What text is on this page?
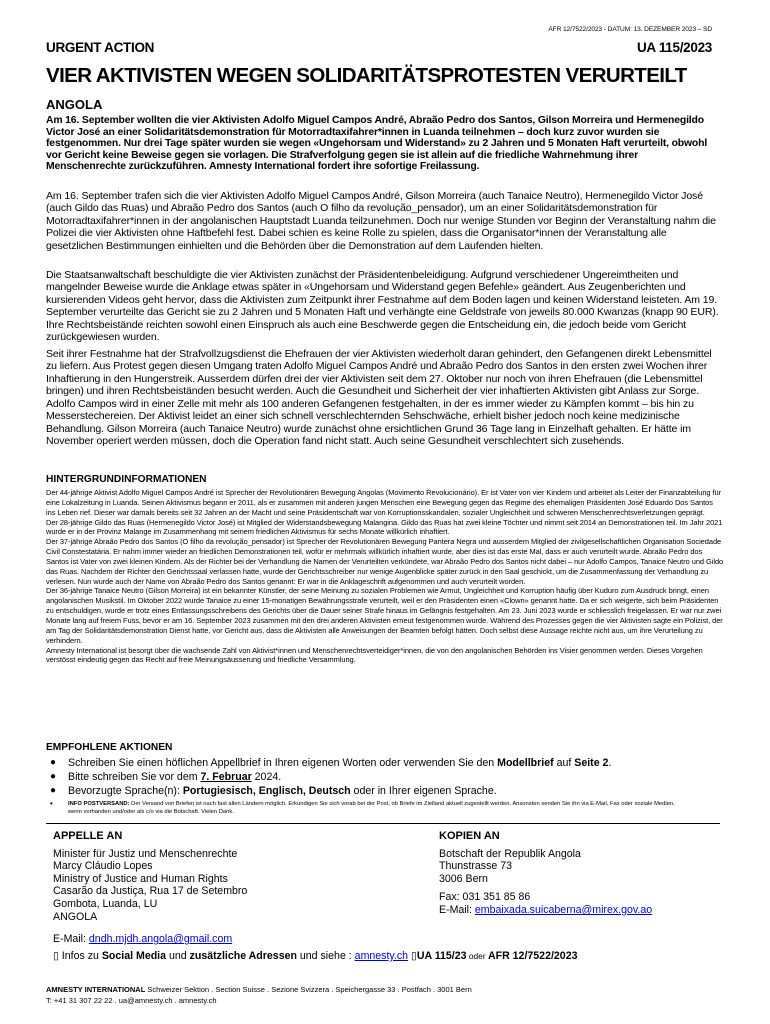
AFR 12/7522/2023 - DATUM: 13. DEZEMBER 2023 – SD
URGENT ACTION	UA 115/2023
VIER AKTIVISTEN WEGEN SOLIDARITÄTSPROTESTEN VERURTEILT
ANGOLA
Am 16. September wollten die vier Aktivisten Adolfo Miguel Campos André, Abraão Pedro dos Santos, Gilson Morreira und Hermenegildo Victor José an einer Solidaritätsdemonstration für Motorradtaxifahrer*innen in Luanda teilnehmen – doch kurz zuvor wurden sie festgenommen. Nur drei Tage später wurden sie wegen «Ungehorsam und Widerstand» zu 2 Jahren und 5 Monaten Haft verurteilt, obwohl vor Gericht keine Beweise gegen sie vorlagen. Die Strafverfolgung gegen sie ist allein auf die friedliche Wahrnehmung ihrer Menschenrechte zurückzuführen. Amnesty International fordert ihre sofortige Freilassung.
Am 16. September trafen sich die vier Aktivisten Adolfo Miguel Campos André, Gilson Morreira (auch Tanaice Neutro), Hermenegildo Victor José (auch Gildo das Ruas) und Abraão Pedro dos Santos (auch O filho da revolução_pensador), um an einer Solidaritätsdemonstration für Motorradtaxifahrer*innen in der angolanischen Hauptstadt Luanda teilzunehmen. Doch nur wenige Stunden vor Beginn der Veranstaltung nahm die Polizei die vier Aktivisten ohne Haftbefehl fest. Dabei schien es keine Rolle zu spielen, dass die Organisator*innen der Veranstaltung alle gesetzlichen Bestimmungen einhielten und die Behörden über die Demonstration auf dem Laufenden hielten.
Die Staatsanwaltschaft beschuldigte die vier Aktivisten zunächst der Präsidentenbeleidigung. Aufgrund verschiedener Ungereimtheiten und mangelnder Beweise wurde die Anklage etwas später in «Ungehorsam und Widerstand gegen Befehle» geändert. Aus Zeugenberichten und kursierenden Videos geht hervor, dass die Aktivisten zum Zeitpunkt ihrer Festnahme auf dem Boden lagen und keinen Widerstand leisteten. Am 19. September verurteilte das Gericht sie zu 2 Jahren und 5 Monaten Haft und verhängte eine Geldstrafe von jeweils 80.000 Kwanzas (knapp 90 EUR). Ihre Rechtsbeistände reichten sowohl einen Einspruch als auch eine Beschwerde gegen die Entscheidung ein, die jedoch beide vom Gericht zurückgewiesen wurden.
Seit ihrer Festnahme hat der Strafvollzugsdienst die Ehefrauen der vier Aktivisten wiederholt daran gehindert, den Gefangenen direkt Lebensmittel zu liefern. Aus Protest gegen diesen Umgang traten Adolfo Miguel Campos André und Abraão Pedro dos Santos in den ersten zwei Wochen ihrer Inhaftierung in den Hungerstreik. Ausserdem dürfen drei der vier Aktivisten seit dem 27. Oktober nur noch von ihren Ehefrauen (die Lebensmittel bringen) und ihren Rechtsbeiständen besucht werden. Auch die Gesundheit und Sicherheit der vier inhaftierten Aktivisten gibt Anlass zur Sorge. Adolfo Campos wird in einer Zelle mit mehr als 100 anderen Gefangenen festgehalten, in der es immer wieder zu Kämpfen kommt – bis hin zu Messerstechereien. Der Aktivist leidet an einer sich schnell verschlechternden Sehschwäche, erhielt bisher jedoch noch keine medizinische Behandlung. Gilson Morreira (auch Tanaice Neutro) wurde zunächst ohne ersichtlichen Grund 36 Tage lang in Einzelhaft gehalten. Er hätte im November operiert werden müssen, doch die Operation fand nicht statt. Auch seine Gesundheit verschlechtert sich zusehends.
HINTERGRUNDINFORMATIONEN

Der 44-jährige Aktivist Adolfo Miguel Campos André ist Sprecher der Revolutionären Bewegung Angolas (Movimento Revolucionário). Er ist Vater von vier Kindern und arbeitet als Leiter der Finanzabteilung für eine Lokalzeitung in Luanda. Seinen Aktivismus begann er 2011, als er zusammen mit anderen jungen Menschen eine Bewegung gegen das Regime des ehemaligen Präsidenten José Eduardo Dos Santos ins Leben rief. Dieser war damals bereits seit 32 Jahren an der Macht und seine Präsidentschaft war von Korruptionsskandalen, sozialer Ungleichheit und schweren Menschenrechtsverletzungen geprägt.

Der 28-jährige Gildo das Ruas (Hermenegildo Victor José) ist Mitglied der Widerstandsbewegung Malangina. Gildo das Ruas hat zwei kleine Töchter und nimmt seit 2014 an Demonstrationen teil. Im Jahr 2021 wurde er in der Provinz Malange im Zusammenhang mit seinem friedlichen Aktivismus für sechs Monate willkürlich inhaftiert.

Der 37-jährige Abraão Pedro dos Santos (O filho da revolução_pensador) ist Sprecher der Revolutionären Bewegung Pantera Negra und ausserdem Mitglied der zivilgesellschaftlichen Organisation Sociedade Civil Constestatária. Er nahm immer wieder an friedlichen Demonstrationen teil, wofür er mehrmals willkürlich inhaftiert wurde, aber dies ist das erste Mal, dass er auch verurteilt wurde. Abraão Pedro dos Santos ist Vater von zwei kleinen Kindern. Als der Richter bei der Verhandlung die Namen der Verurteilten verkündete, war Abraão Pedro dos Santos nicht dabei – nur Adolfo Campos, Tanaice Neutro und Gildo das Ruas. Nachdem der Richter den Gerichtssaal verlassen hatte, wurde der Gerichtsschreiber nur wenige Augenblicke später zurück in den Saal geschickt, um die Zusammenfassung der Verhandlung zu verlesen. Nun wurde auch der Name von Abraão Pedro dos Santos genannt: Er war in die Anklageschrift aufgenommen und auch verurteilt worden.

Der 36-jährige Tanaice Neutro (Gilson Morreira) ist ein bekannter Künstler, der seine Meinung zu sozialen Problemen wie Armut, Ungleichheit und Korruption häufig über Kuduro zum Ausdruck bringt, einen angolanischen Musikstil. Im Oktober 2022 wurde Tanaice zu einer 15-monatigen Bewährungsstrafe verurteilt, weil er den Präsidenten einen «Clown» genannt hatte. Da er sich weigerte, sich beim Präsidenten zu entschuldigen, wurde er trotz eines Entlassungsschreibens des Gerichts über die Dauer seiner Strafe hinaus im Gefängnis festgehalten. Am 23. Juni 2023 wurde er schliesslich freigelassen. Er war nur zwei Monate lang auf freiem Fuss, bevor er am 16. September 2023 zusammen mit den drei anderen Aktivisten erneut festgenommen wurde. Während des Prozesses gegen die vier Aktivisten sagte ein Polizist, der am Tag der Solidaritätsdemonstration Dienst hatte, vor Gericht aus, dass die Aktivisten alle Anweisungen der Beamten befolgt hätten. Doch selbst diese Aussage reichte nicht aus, um ihre Verurteilung zu verhindern.

Amnesty International ist besorgt über die wachsende Zahl von Aktivist*innen und Menschenrechtsverteidiger*innen, die von den angolanischen Behörden ins Visier genommen werden. Dieses Vorgehen verstösst eindeutig gegen das Recht auf freie Meinungsäusserung und friedliche Versammlung.

EMPFOHLENE AKTIONEN
● Schreiben Sie einen höflichen Appellbrief in Ihren eigenen Worten oder verwenden Sie den Modellbrief auf Seite 2.
● Bitte schreiben Sie vor dem 7. Februar 2024.
● Bevorzugte Sprache(n): Portugiesisch, Englisch, Deutsch oder in Ihrer eigenen Sprache.
•	INFO POSTVERSAND: Der Versand von Briefen ist nach fast allen Ländern möglich. Erkundigen Sie sich vorab bei der Post, ob Briefe im Zielland aktuell zugestellt werden. Ansonsten senden Sie ihn via E-Mail, Fax oder soziale Medien, wenn vorhanden und/oder als c/o via die Botschaft. Vielen Dank.
APPELLE AN
Minister für Justiz und Menschenrechte
Marcy Cláudio Lopes
Ministry of Justice and Human Rights
Casarão da Justiça, Rua 17 de Setembro
Gombota, Luanda, LU
ANGOLA
E-Mail: dndh.mjdh.angola@gmail.com
KOPIEN AN
Botschaft der Republik Angola
Thunstrasse 73
3006 Bern
Fax: 031 351 85 86
E-Mail: embaixada.suicaberna@mirex.gov.ao
▯ Infos zu Social Media und zusätzliche Adressen und siehe : amnesty.ch ▯UA 115/23 oder AFR 12/7522/2023
AMNESTY INTERNATIONAL Schweizer Sektion . Section Suisse . Sezione Svizzera . Speichergasse 33 . Postfach . 3001 Bern
T: +41 31 307 22 22 . ua@amnesty.ch . amnesty.ch
